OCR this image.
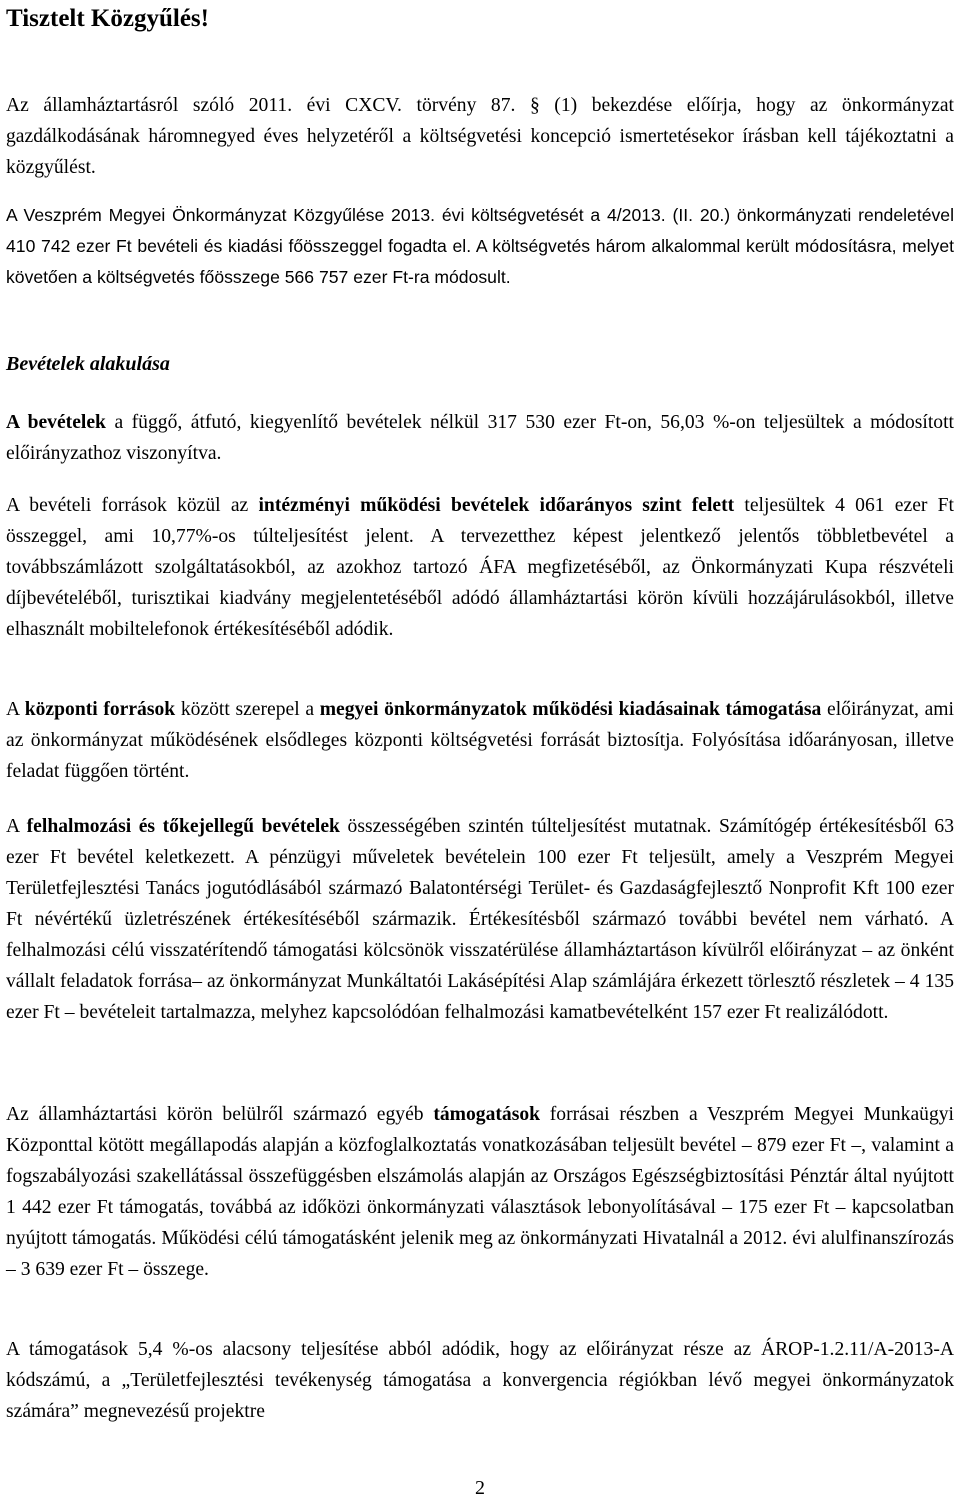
Tisztelt Közgyűlés!

Az államháztartásról szóló 2011. évi CXCV. törvény 87. § (1) bekezdése előírja, hogy az önkormányzat gazdálkodásának háromnegyed éves helyzetéről a költségvetési koncepció ismertetésekor írásban kell tájékoztatni a közgyűlést.

A Veszprém Megyei Önkormányzat Közgyűlése 2013. évi költségvetését a 4/2013. (II. 20.) önkormányzati rendeletével 410 742 ezer Ft bevételi és kiadási főösszeggel fogadta el. A költségvetés három alkalommal került módosításra, melyet követően a költségvetés főösszege 566 757 ezer Ft-ra módosult.

Bevételek alakulása

A bevételek a függő, átfutó, kiegyenlítő bevételek nélkül 317 530 ezer Ft-on, 56,03 %-on teljesültek a módosított előirányzathoz viszonyítva.

A bevételi források közül az intézményi működési bevételek időarányos szint felett teljesültek 4 061 ezer Ft összeggel, ami 10,77%-os túlteljesítést jelent. A tervezetthez képest jelentkező jelentős többletbevétel a továbbszámlázott szolgáltatásokból, az azokhoz tartozó ÁFA megfizetéséből, az Önkormányzati Kupa részvételi díjbevételéből, turisztikai kiadvány megjelentetéséből adódó államháztartási körön kívüli hozzájárulásokból, illetve elhasznált mobiltelefonok értékesítéséből adódik.

A központi források között szerepel a megyei önkormányzatok működési kiadásainak támogatása előirányzat, ami az önkormányzat működésének elsődleges központi költségvetési forrását biztosítja. Folyósítása időarányosan, illetve feladat függően történt.

A felhalmozási és tőkejellegű bevételek összességében szintén túlteljesítést mutatnak. Számítógép értékesítésből 63 ezer Ft bevétel keletkezett. A pénzügyi műveletek bevételein 100 ezer Ft teljesült, amely a Veszprém Megyei Területfejlesztési Tanács jogutódlásából származó Balatontérségi Terület- és Gazdaságfejlesztő Nonprofit Kft 100 ezer Ft névértékű üzletrészének értékesítéséből származik. Értékesítésből származó további bevétel nem várható. A felhalmozási célú visszatérítendő támogatási kölcsönök visszatérülése államháztartáson kívülről előirányzat – az önként vállalt feladatok forrása– az önkormányzat Munkáltatói Lakásépítési Alap számlájára érkezett törlesztő részletek – 4 135 ezer Ft – bevételeit tartalmazza, melyhez kapcsolódóan felhalmozási kamatbevételként 157 ezer Ft realizálódott.

Az államháztartási körön belülről származó egyéb támogatások forrásai részben a Veszprém Megyei Munkaügyi Központtal kötött megállapodás alapján a közfoglalkoztatás vonatkozásában teljesült bevétel – 879 ezer Ft –, valamint a fogszabályozási szakellátással összefüggésben elszámolás alapján az Országos Egészségbiztosítási Pénztár által nyújtott 1 442 ezer Ft támogatás, továbbá az időközi önkormányzati választások lebonyolításával – 175 ezer Ft – kapcsolatban nyújtott támogatás. Működési célú támogatásként jelenik meg az önkormányzati Hivatalnál a 2012. évi alulfinanszírozás – 3 639 ezer Ft – összege.

A támogatások 5,4 %-os alacsony teljesítése abból adódik, hogy az előirányzat része az ÁROP-1.2.11/A-2013-A kódszámú, a „Területfejlesztési tevékenység támogatása a konvergencia régiókban lévő megyei önkormányzatok számára” megnevezésű projektre

2
